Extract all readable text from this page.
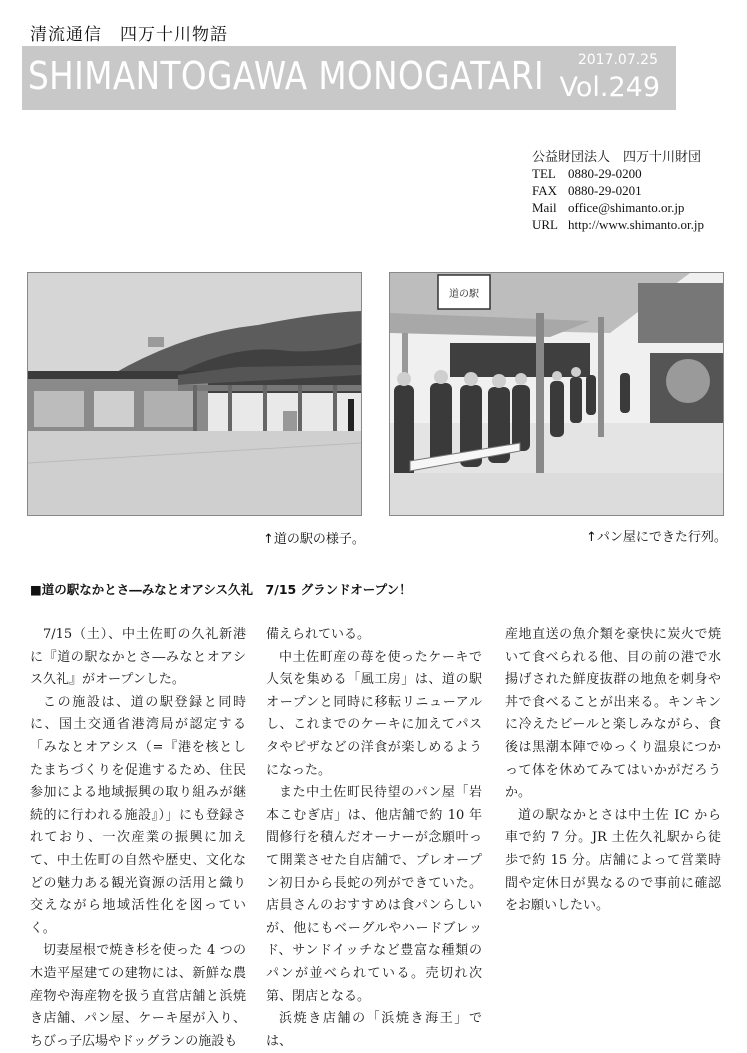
清流通信　四万十川物語
SHIMANTOGAWA MONOGATARI 2017.07.25
Vol.249
公益財団法人　四万十川財団
TEL 0880-29-0200
FAX 0880-29-0201
Mail office@shimanto.or.jp
URL http://www.shimanto.or.jp
道の駅
↑道の駅の様子。	↑パン屋にできた行列。
■道の駅なかとさ―みなとオアシス久礼　7/15 グランドオープン！

7/15（土）、中土佐町の久礼新港に『道の駅なかとさ―みなとオアシス久礼』がオープンした。

この施設は、道の駅登録と同時に、国土交通省港湾局が認定する「みなとオアシス（=『港を核としたまちづくりを促進するため、住民参加による地域振興の取り組みが継続的に行われる施設』）」にも登録されており、一次産業の振興に加えて、中土佐町の自然や歴史、文化などの魅力ある観光資源の活用と織り交えながら地域活性化を図っていく。

切妻屋根で焼き杉を使った 4 つの木造平屋建ての建物には、新鮮な農産物や海産物を扱う直営店舗と浜焼き店舗、パン屋、ケーキ屋が入り、ちびっ子広場やドッグランの施設も

備えられている。

中土佐町産の苺を使ったケーキで人気を集める「風工房」は、道の駅オープンと同時に移転リニューアルし、これまでのケーキに加えてパスタやピザなどの洋食が楽しめるようになった。

また中土佐町民待望のパン屋「岩本こむぎ店」は、他店舗で約 10 年間修行を積んだオーナーが念願叶って開業させた自店舗で、プレオープン初日から長蛇の列ができていた。店員さんのおすすめは食パンらしいが、他にもベーグルやハードブレッド、サンドイッチなど豊富な種類のパンが並べられている。売切れ次第、閉店となる。

浜焼き店舗の「浜焼き海王」では、

産地直送の魚介類を豪快に炭火で焼いて食べられる他、目の前の港で水揚げされた鮮度抜群の地魚を刺身や丼で食べることが出来る。キンキンに冷えたビールと楽しみながら、食後は黒潮本陣でゆっくり温泉につかって体を休めてみてはいかがだろうか。

道の駅なかとさは中土佐 IC から車で約 7 分。JR 土佐久礼駅から徒歩で約 15 分。店舗によって営業時間や定休日が異なるので事前に確認をお願いしたい。
